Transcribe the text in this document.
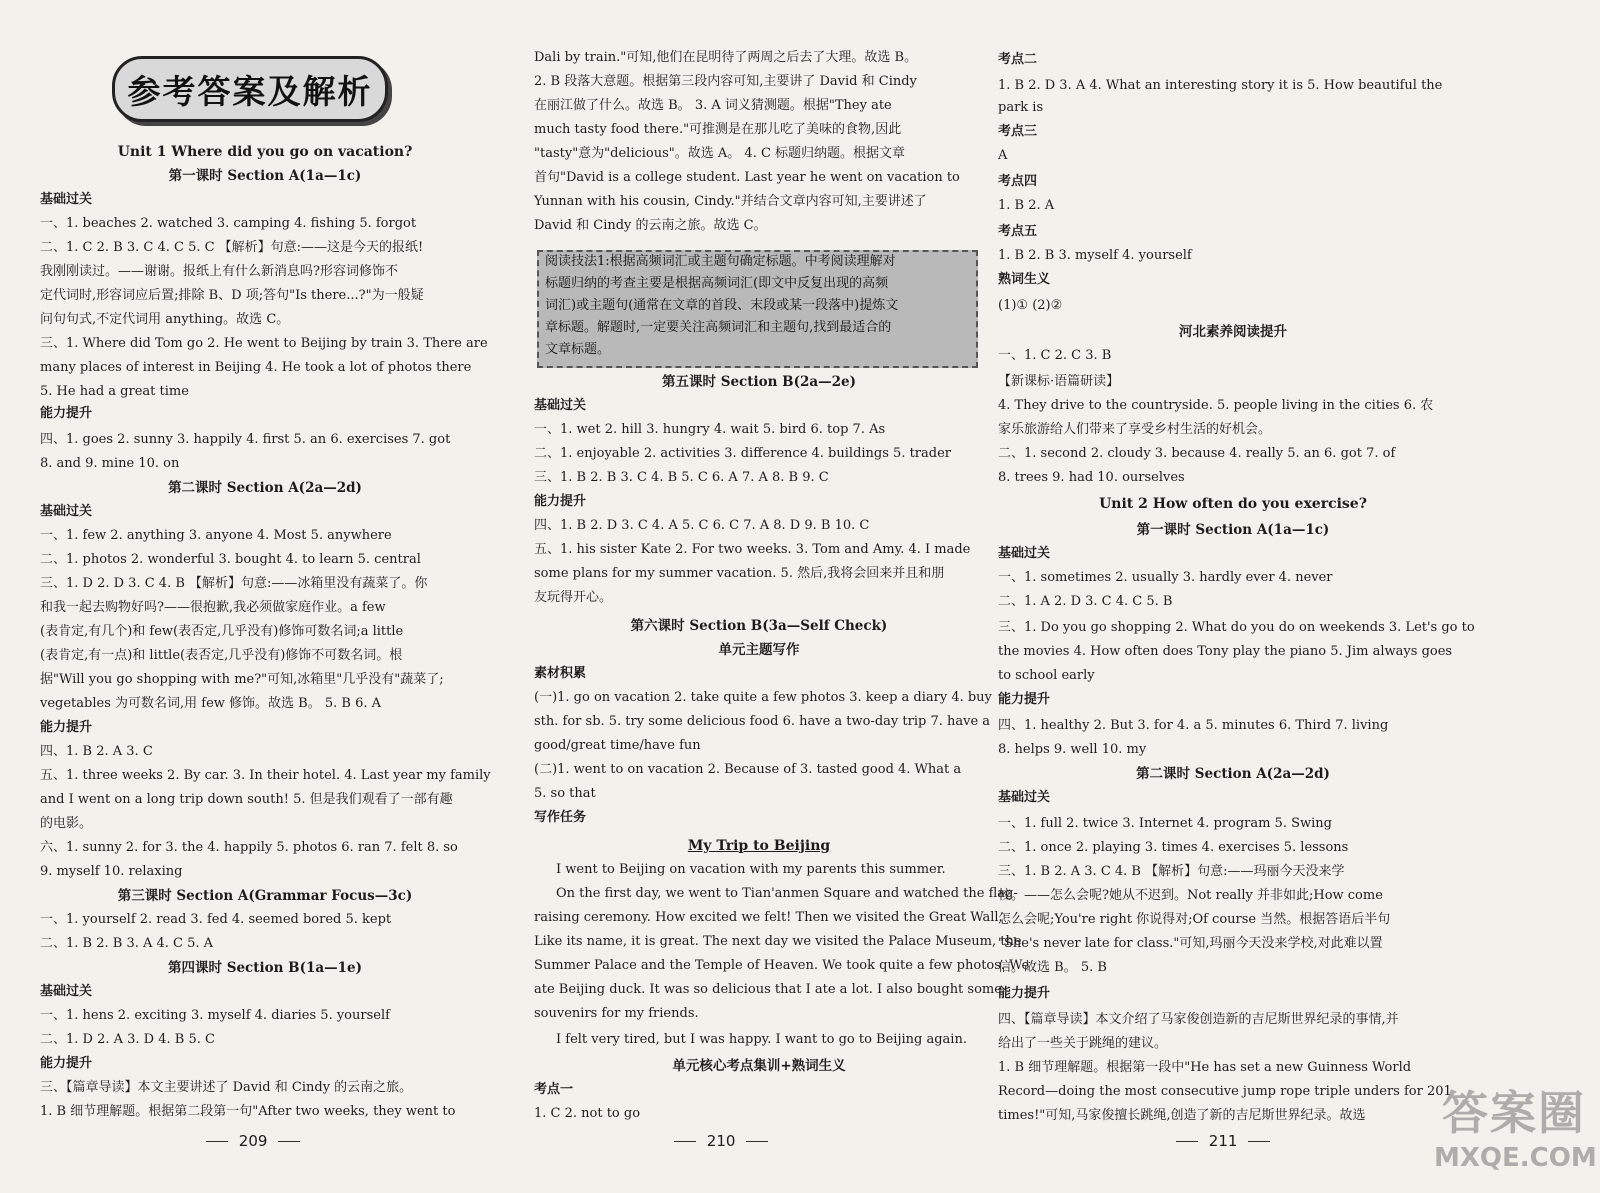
参考答案及解析
Unit 1 Where did you go on vacation?
第一课时 Section A(1a—1c)
基础过关
一、1. beaches 2. watched 3. camping 4. fishing 5. forgot
二、1. C 2. B 3. C 4. C 5. C 【解析】句意:——这是今天的报纸!
我刚刚读过。——谢谢。报纸上有什么新消息吗?形容词修饰不
定代词时,形容词应后置;排除 B、D 项;答句"Is there...?"为一般疑
问句句式,不定代词用 anything。故选 C。
三、1. Where did Tom go 2. He went to Beijing by train 3. There are
many places of interest in Beijing 4. He took a lot of photos there
5. He had a great time
能力提升
四、1. goes 2. sunny 3. happily 4. first 5. an 6. exercises 7. got
8. and 9. mine 10. on
第二课时 Section A(2a—2d)
基础过关
一、1. few 2. anything 3. anyone 4. Most 5. anywhere
二、1. photos 2. wonderful 3. bought 4. to learn 5. central
三、1. D 2. D 3. C 4. B 【解析】句意:——冰箱里没有蔬菜了。你
和我一起去购物好吗?——很抱歉,我必须做家庭作业。a few
(表肯定,有几个)和 few(表否定,几乎没有)修饰可数名词;a little
(表肯定,有一点)和 little(表否定,几乎没有)修饰不可数名词。根
据"Will you go shopping with me?"可知,冰箱里"几乎没有"蔬菜了;
vegetables 为可数名词,用 few 修饰。故选 B。 5. B 6. A
能力提升
四、1. B 2. A 3. C
五、1. three weeks 2. By car. 3. In their hotel. 4. Last year my family
and I went on a long trip down south! 5. 但是我们观看了一部有趣
的电影。
六、1. sunny 2. for 3. the 4. happily 5. photos 6. ran 7. felt 8. so
9. myself 10. relaxing
第三课时 Section A(Grammar Focus—3c)
一、1. yourself 2. read 3. fed 4. seemed bored 5. kept
二、1. B 2. B 3. A 4. C 5. A
第四课时 Section B(1a—1e)
基础过关
一、1. hens 2. exciting 3. myself 4. diaries 5. yourself
二、1. D 2. A 3. D 4. B 5. C
能力提升
三、【篇章导读】本文主要讲述了 David 和 Cindy 的云南之旅。
1. B 细节理解题。根据第二段第一句"After two weeks, they went to
209
Dali by train."可知,他们在昆明待了两周之后去了大理。故选 B。
2. B 段落大意题。根据第三段内容可知,主要讲了 David 和 Cindy
在丽江做了什么。故选 B。 3. A 词义猜测题。根据"They ate
much tasty food there."可推测是在那儿吃了美味的食物,因此
"tasty"意为"delicious"。故选 A。 4. C 标题归纳题。根据文章
首句"David is a college student. Last year he went on vacation to
Yunnan with his cousin, Cindy."并结合文章内容可知,主要讲述了
David 和 Cindy 的云南之旅。故选 C。
第五课时 Section B(2a—2e)
基础过关
一、1. wet 2. hill 3. hungry 4. wait 5. bird 6. top 7. As
二、1. enjoyable 2. activities 3. difference 4. buildings 5. trader
三、1. B 2. B 3. C 4. B 5. C 6. A 7. A 8. B 9. C
能力提升
四、1. B 2. D 3. C 4. A 5. C 6. C 7. A 8. D 9. B 10. C
五、1. his sister Kate 2. For two weeks. 3. Tom and Amy. 4. I made
some plans for my summer vacation. 5. 然后,我将会回来并且和朋
友玩得开心。
第六课时 Section B(3a—Self Check)
单元主题写作
素材积累
(一)1. go on vacation 2. take quite a few photos 3. keep a diary 4. buy
sth. for sb. 5. try some delicious food 6. have a two-day trip 7. have a
good/great time/have fun
(二)1. went to on vacation 2. Because of 3. tasted good 4. What a
5. so that
写作任务
My Trip to Beijing
I went to Beijing on vacation with my parents this summer.
On the first day, we went to Tian'anmen Square and watched the flag-
raising ceremony. How excited we felt! Then we visited the Great Wall.
Like its name, it is great. The next day we visited the Palace Museum, the
Summer Palace and the Temple of Heaven. We took quite a few photos. We
ate Beijing duck. It was so delicious that I ate a lot. I also bought some
souvenirs for my friends.
I felt very tired, but I was happy. I want to go to Beijing again.
单元核心考点集训+熟词生义
考点一
1. C 2. not to go
210
阅读技法1:根据高频词汇或主题句确定标题。中考阅读理解对
标题归纳的考查主要是根据高频词汇(即文中反复出现的高频
词汇)或主题句(通常在文章的首段、末段或某一段落中)提炼文
章标题。解题时,一定要关注高频词汇和主题句,找到最适合的
文章标题。
考点二
1. B 2. D 3. A 4. What an interesting story it is 5. How beautiful the
park is
考点三
A
考点四
1. B 2. A
考点五
1. B 2. B 3. myself 4. yourself
熟词生义
(1)① (2)②
河北素养阅读提升
一、1. C 2. C 3. B
【新课标·语篇研读】
4. They drive to the countryside. 5. people living in the cities 6. 农
家乐旅游给人们带来了享受乡村生活的好机会。
二、1. second 2. cloudy 3. because 4. really 5. an 6. got 7. of
8. trees 9. had 10. ourselves
Unit 2 How often do you exercise?
第一课时 Section A(1a—1c)
基础过关
一、1. sometimes 2. usually 3. hardly ever 4. never
二、1. A 2. D 3. C 4. C 5. B
三、1. Do you go shopping 2. What do you do on weekends 3. Let's go to
the movies 4. How often does Tony play the piano 5. Jim always goes
to school early
能力提升
四、1. healthy 2. But 3. for 4. a 5. minutes 6. Third 7. living
8. helps 9. well 10. my
第二课时 Section A(2a—2d)
基础过关
一、1. full 2. twice 3. Internet 4. program 5. Swing
二、1. once 2. playing 3. times 4. exercises 5. lessons
三、1. B 2. A 3. C 4. B 【解析】句意:——玛丽今天没来学
校。——怎么会呢?她从不迟到。Not really 并非如此;How come
怎么会呢;You're right 你说得对;Of course 当然。根据答语后半句
"She's never late for class."可知,玛丽今天没来学校,对此难以置
信。故选 B。 5. B
能力提升
四、【篇章导读】本文介绍了马家俊创造新的吉尼斯世界纪录的事情,并
给出了一些关于跳绳的建议。
1. B 细节理解题。根据第一段中"He has set a new Guinness World
Record—doing the most consecutive jump rope triple unders for 201
times!"可知,马家俊擅长跳绳,创造了新的吉尼斯世界纪录。故选
211
答案圈
MXQE.COM
